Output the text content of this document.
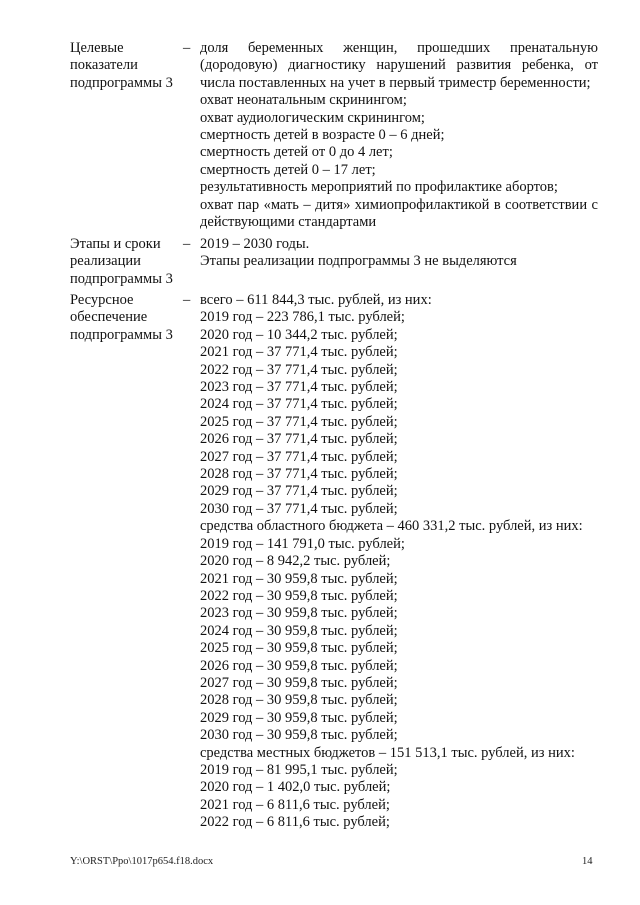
Целевые
показатели
подпрограммы 3
– доля беременных женщин, прошедших пренатальную
(дородовую) диагностику нарушений развития ребенка, от
числа поставленных на учет в первый триместр беременности;
охват неонатальным скринингом;
охват аудиологическим скринингом;
смертность детей в возрасте 0 – 6 дней;
смертность детей от 0 до 4 лет;
смертность детей 0 – 17 лет;
результативность мероприятий по профилактике абортов;
охват пар «мать – дитя» химиопрофилактикой в соответствии с действующими стандартами
Этапы и сроки
реализации
подпрограммы 3
– 2019 – 2030 годы.
Этапы реализации подпрограммы 3 не выделяются
Ресурсное
обеспечение
подпрограммы 3
– всего – 611 844,3 тыс. рублей, из них:
2019 год – 223 786,1 тыс. рублей;
2020 год – 10 344,2 тыс. рублей;
2021 год – 37 771,4 тыс. рублей;
2022 год – 37 771,4 тыс. рублей;
2023 год – 37 771,4 тыс. рублей;
2024 год – 37 771,4 тыс. рублей;
2025 год – 37 771,4 тыс. рублей;
2026 год – 37 771,4 тыс. рублей;
2027 год – 37 771,4 тыс. рублей;
2028 год – 37 771,4 тыс. рублей;
2029 год – 37 771,4 тыс. рублей;
2030 год – 37 771,4 тыс. рублей;
средства областного бюджета – 460 331,2 тыс. рублей, из них:
2019 год – 141 791,0 тыс. рублей;
2020 год – 8 942,2 тыс. рублей;
2021 год – 30 959,8 тыс. рублей;
2022 год – 30 959,8 тыс. рублей;
2023 год – 30 959,8 тыс. рублей;
2024 год – 30 959,8 тыс. рублей;
2025 год – 30 959,8 тыс. рублей;
2026 год – 30 959,8 тыс. рублей;
2027 год – 30 959,8 тыс. рублей;
2028 год – 30 959,8 тыс. рублей;
2029 год – 30 959,8 тыс. рублей;
2030 год – 30 959,8 тыс. рублей;
средства местных бюджетов – 151 513,1 тыс. рублей, из них:
2019 год – 81 995,1 тыс. рублей;
2020 год – 1 402,0 тыс. рублей;
2021 год – 6 811,6 тыс. рублей;
2022 год – 6 811,6 тыс. рублей;
Y:\ORST\Ppo\1017p654.f18.docx	14
